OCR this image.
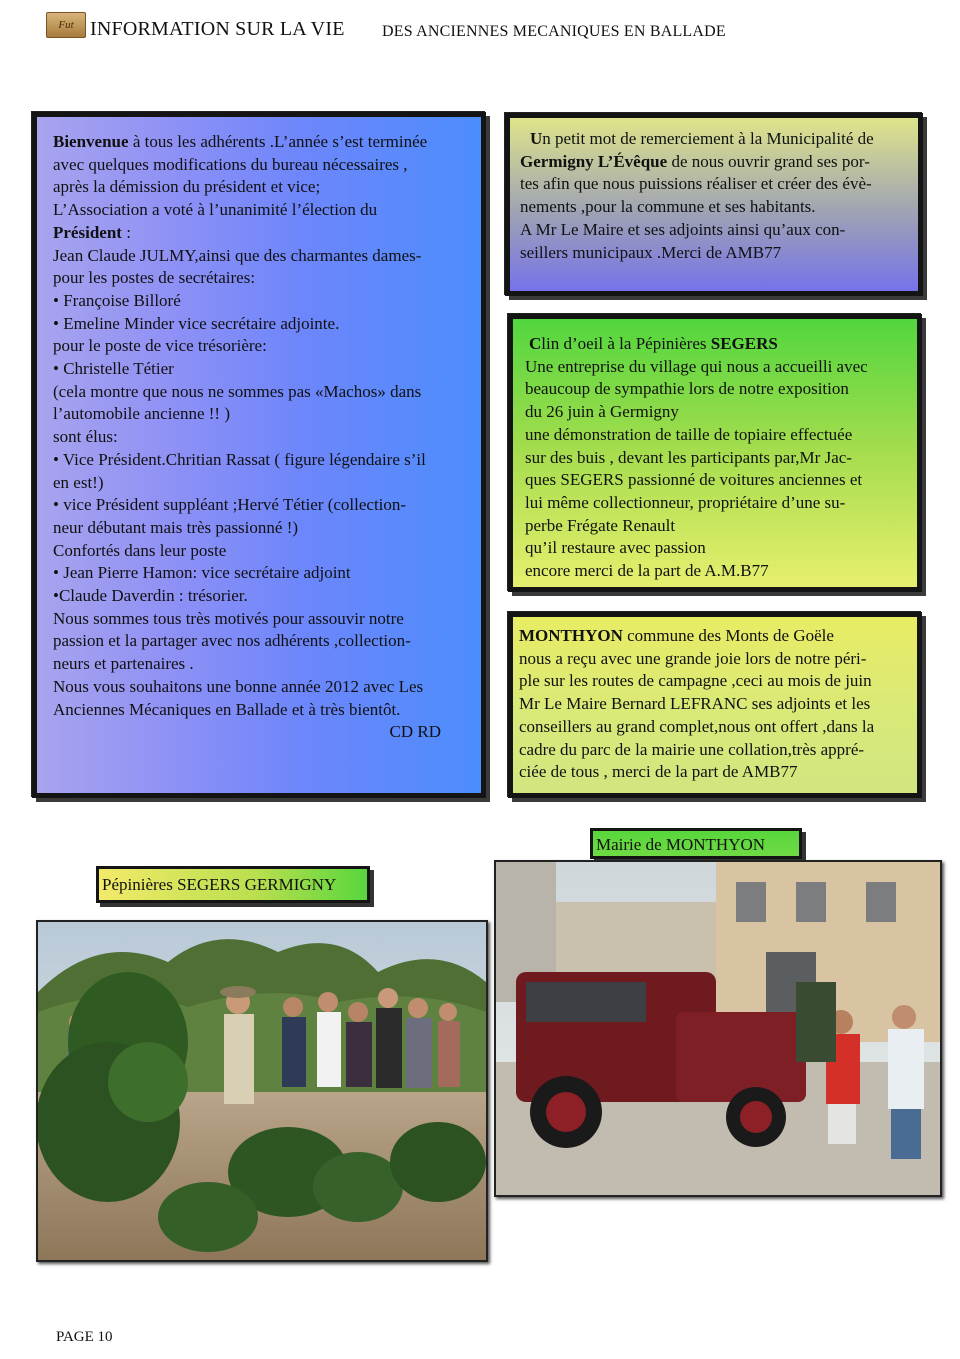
Fut INFORMATION SUR LA VIE DES ANCIENNES MECANIQUES EN BALLADE

Bienvenue à tous les adhérents .L’année s’est terminée

avec quelques modifications du bureau nécessaires ,

après la démission du président et vice;

L’Association a voté à l’unanimité l’élection du

Président :

Jean Claude JULMY,ainsi que des charmantes dames-

pour les postes de secrétaires:

• Françoise Billoré

• Emeline Minder vice secrétaire adjointe.

pour le poste de vice trésorière:

• Christelle Tétier

(cela montre que nous ne sommes pas «Machos» dans

l’automobile ancienne !! )

sont élus:

• Vice Président.Chritian Rassat ( figure légendaire s’il

en est!)

• vice Président suppléant ;Hervé Tétier (collection-

neur débutant mais très passionné !)

Confortés dans leur poste

• Jean Pierre Hamon: vice secrétaire adjoint

•Claude Daverdin : trésorier.

Nous sommes tous très motivés pour assouvir notre

passion et la partager avec nos adhérents ,collection-

neurs et partenaires .

Nous vous souhaitons une bonne année 2012 avec Les

Anciennes Mécaniques en Ballade et à très bientôt.

CD RD

Un petit mot de remerciement à la Municipalité de

Germigny L’Évêque de nous ouvrir grand ses por-

tes afin que nous puissions réaliser et créer des évè-

nements ,pour la commune et ses habitants.

A Mr Le Maire et ses adjoints ainsi qu’aux con-

seillers municipaux .Merci de AMB77

Clin d’oeil à la Pépinières SEGERS

Une entreprise du village qui nous a accueilli avec

beaucoup de sympathie lors de notre exposition

du 26 juin à Germigny

une démonstration de taille de topiaire effectuée

sur des buis , devant les participants par,Mr Jac-

ques SEGERS passionné de voitures anciennes et

lui même collectionneur, propriétaire d’une su-

perbe Frégate Renault

qu’il restaure avec passion

encore merci de la part de A.M.B77

MONTHYON commune des Monts de Goële

nous a reçu avec une grande joie lors de notre péri-

ple sur les routes de campagne ,ceci au mois de juin

Mr Le Maire Bernard LEFRANC ses adjoints et les

conseillers au grand complet,nous ont offert ,dans la

cadre du parc de la mairie une collation,très appré-

ciée de tous , merci de la part de AMB77

Mairie de MONTHYON
Pépinières SEGERS GERMIGNY
PAGE 10
